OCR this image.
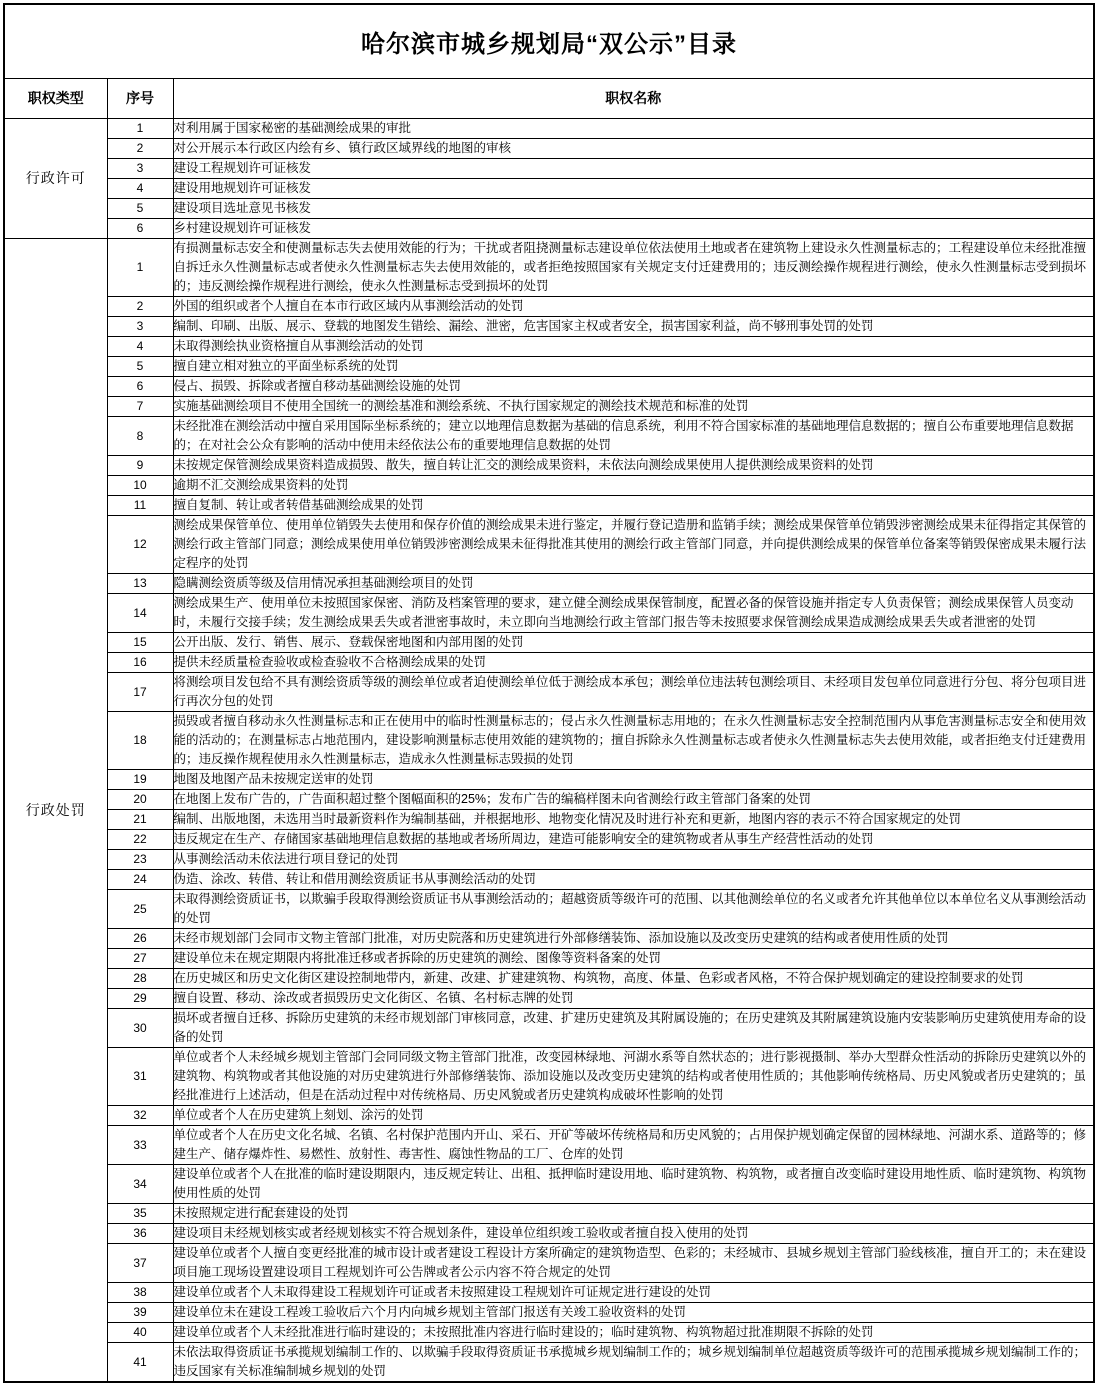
哈尔滨市城乡规划局“双公示”目录		
职权类型	序号	职权名称
行政许可	1	对利用属于国家秘密的基础测绘成果的审批
	2	对公开展示本行政区内绘有乡、镇行政区域界线的地图的审核
	3	建设工程规划许可证核发
	4	建设用地规划许可证核发
	5	建设项目选址意见书核发
	6	乡村建设规划许可证核发
行政处罚	1	有损测量标志安全和使测量标志失去使用效能的行为；干扰或者阻挠测量标志建设单位依法使用土地或者在建筑物上建设永久性测量标志的；工程建设单位未经批准擅自拆迁永久性测量标志或者使永久性测量标志失去使用效能的，或者拒绝按照国家有关规定支付迁建费用的；违反测绘操作规程进行测绘，使永久性测量标志受到损坏的；违反测绘操作规程进行测绘，使永久性测量标志受到损坏的处罚
	2	外国的组织或者个人擅自在本市行政区域内从事测绘活动的处罚
	3	编制、印刷、出版、展示、登载的地图发生错绘、漏绘、泄密，危害国家主权或者安全，损害国家利益，尚不够刑事处罚的处罚
	4	未取得测绘执业资格擅自从事测绘活动的处罚
	5	擅自建立相对独立的平面坐标系统的处罚
	6	侵占、损毁、拆除或者擅自移动基础测绘设施的处罚
	7	实施基础测绘项目不使用全国统一的测绘基准和测绘系统、不执行国家规定的测绘技术规范和标准的处罚
	8	未经批准在测绘活动中擅自采用国际坐标系统的；建立以地理信息数据为基础的信息系统，利用不符合国家标准的基础地理信息数据的；擅自公布重要地理信息数据的；在对社会公众有影响的活动中使用未经依法公布的重要地理信息数据的处罚
	9	未按规定保管测绘成果资料造成损毁、散失，擅自转让汇交的测绘成果资料，未依法向测绘成果使用人提供测绘成果资料的处罚
	10	逾期不汇交测绘成果资料的处罚
	11	擅自复制、转让或者转借基础测绘成果的处罚
	12	测绘成果保管单位、使用单位销毁失去使用和保存价值的测绘成果未进行鉴定，并履行登记造册和监销手续；测绘成果保管单位销毁涉密测绘成果未征得指定其保管的测绘行政主管部门同意；测绘成果使用单位销毁涉密测绘成果未征得批准其使用的测绘行政主管部门同意，并向提供测绘成果的保管单位备案等销毁保密成果未履行法定程序的处罚
	13	隐瞒测绘资质等级及信用情况承担基础测绘项目的处罚
	14	测绘成果生产、使用单位未按照国家保密、消防及档案管理的要求，建立健全测绘成果保管制度，配置必备的保管设施并指定专人负责保管；测绘成果保管人员变动时，未履行交接手续；发生测绘成果丢失或者泄密事故时，未立即向当地测绘行政主管部门报告等未按照要求保管测绘成果造成测绘成果丢失或者泄密的处罚
	15	公开出版、发行、销售、展示、登载保密地图和内部用图的处罚
	16	提供未经质量检查验收或检查验收不合格测绘成果的处罚
	17	将测绘项目发包给不具有测绘资质等级的测绘单位或者迫使测绘单位低于测绘成本承包；测绘单位违法转包测绘项目、未经项目发包单位同意进行分包、将分包项目进行再次分包的处罚
	18	损毁或者擅自移动永久性测量标志和正在使用中的临时性测量标志的；侵占永久性测量标志用地的；在永久性测量标志安全控制范围内从事危害测量标志安全和使用效能的活动的；在测量标志占地范围内，建设影响测量标志使用效能的建筑物的；擅自拆除永久性测量标志或者使永久性测量标志失去使用效能，或者拒绝支付迁建费用的；违反操作规程使用永久性测量标志，造成永久性测量标志毁损的处罚
	19	地图及地图产品未按规定送审的处罚
	20	在地图上发布广告的，广告面积超过整个图幅面积的25%；发布广告的编稿样图未向省测绘行政主管部门备案的处罚
	21	编制、出版地图，未选用当时最新资料作为编制基础，并根据地形、地物变化情况及时进行补充和更新，地图内容的表示不符合国家规定的处罚
	22	违反规定在生产、存储国家基础地理信息数据的基地或者场所周边，建造可能影响安全的建筑物或者从事生产经营性活动的处罚
	23	从事测绘活动未依法进行项目登记的处罚
	24	伪造、涂改、转借、转让和借用测绘资质证书从事测绘活动的处罚
	25	未取得测绘资质证书，以欺骗手段取得测绘资质证书从事测绘活动的；超越资质等级许可的范围、以其他测绘单位的名义或者允许其他单位以本单位名义从事测绘活动的处罚
	26	未经市规划部门会同市文物主管部门批准，对历史院落和历史建筑进行外部修缮装饰、添加设施以及改变历史建筑的结构或者使用性质的处罚
	27	建设单位未在规定期限内将批准迁移或者拆除的历史建筑的测绘、图像等资料备案的处罚
	28	在历史城区和历史文化街区建设控制地带内，新建、改建、扩建建筑物、构筑物，高度、体量、色彩或者风格，不符合保护规划确定的建设控制要求的处罚
	29	擅自设置、移动、涂改或者损毁历史文化街区、名镇、名村标志牌的处罚
	30	损坏或者擅自迁移、拆除历史建筑的未经市规划部门审核同意，改建、扩建历史建筑及其附属设施的；在历史建筑及其附属建筑设施内安装影响历史建筑使用寿命的设备的处罚
	31	单位或者个人未经城乡规划主管部门会同同级文物主管部门批准，改变园林绿地、河湖水系等自然状态的；进行影视摄制、举办大型群众性活动的拆除历史建筑以外的建筑物、构筑物或者其他设施的对历史建筑进行外部修缮装饰、添加设施以及改变历史建筑的结构或者使用性质的；其他影响传统格局、历史风貌或者历史建筑的；虽经批准进行上述活动，但是在活动过程中对传统格局、历史风貌或者历史建筑构成破坏性影响的处罚
	32	单位或者个人在历史建筑上刻划、涂污的处罚
	33	单位或者个人在历史文化名城、名镇、名村保护范围内开山、采石、开矿等破坏传统格局和历史风貌的；占用保护规划确定保留的园林绿地、河湖水系、道路等的；修建生产、储存爆炸性、易燃性、放射性、毒害性、腐蚀性物品的工厂、仓库的处罚
	34	建设单位或者个人在批准的临时建设期限内，违反规定转让、出租、抵押临时建设用地、临时建筑物、构筑物，或者擅自改变临时建设用地性质、临时建筑物、构筑物使用性质的处罚
	35	未按照规定进行配套建设的处罚
	36	建设项目未经规划核实或者经规划核实不符合规划条件，建设单位组织竣工验收或者擅自投入使用的处罚
	37	建设单位或者个人擅自变更经批准的城市设计或者建设工程设计方案所确定的建筑物造型、色彩的；未经城市、县城乡规划主管部门验线核准，擅自开工的；未在建设项目施工现场设置建设项目工程规划许可公告牌或者公示内容不符合规定的处罚
	38	建设单位或者个人未取得建设工程规划许可证或者未按照建设工程规划许可证规定进行建设的处罚
	39	建设单位未在建设工程竣工验收后六个月内向城乡规划主管部门报送有关竣工验收资料的处罚
	40	建设单位或者个人未经批准进行临时建设的；未按照批准内容进行临时建设的；临时建筑物、构筑物超过批准期限不拆除的处罚
	41	未依法取得资质证书承揽规划编制工作的、以欺骗手段取得资质证书承揽城乡规划编制工作的；城乡规划编制单位超越资质等级许可的范围承揽城乡规划编制工作的；违反国家有关标准编制城乡规划的处罚
